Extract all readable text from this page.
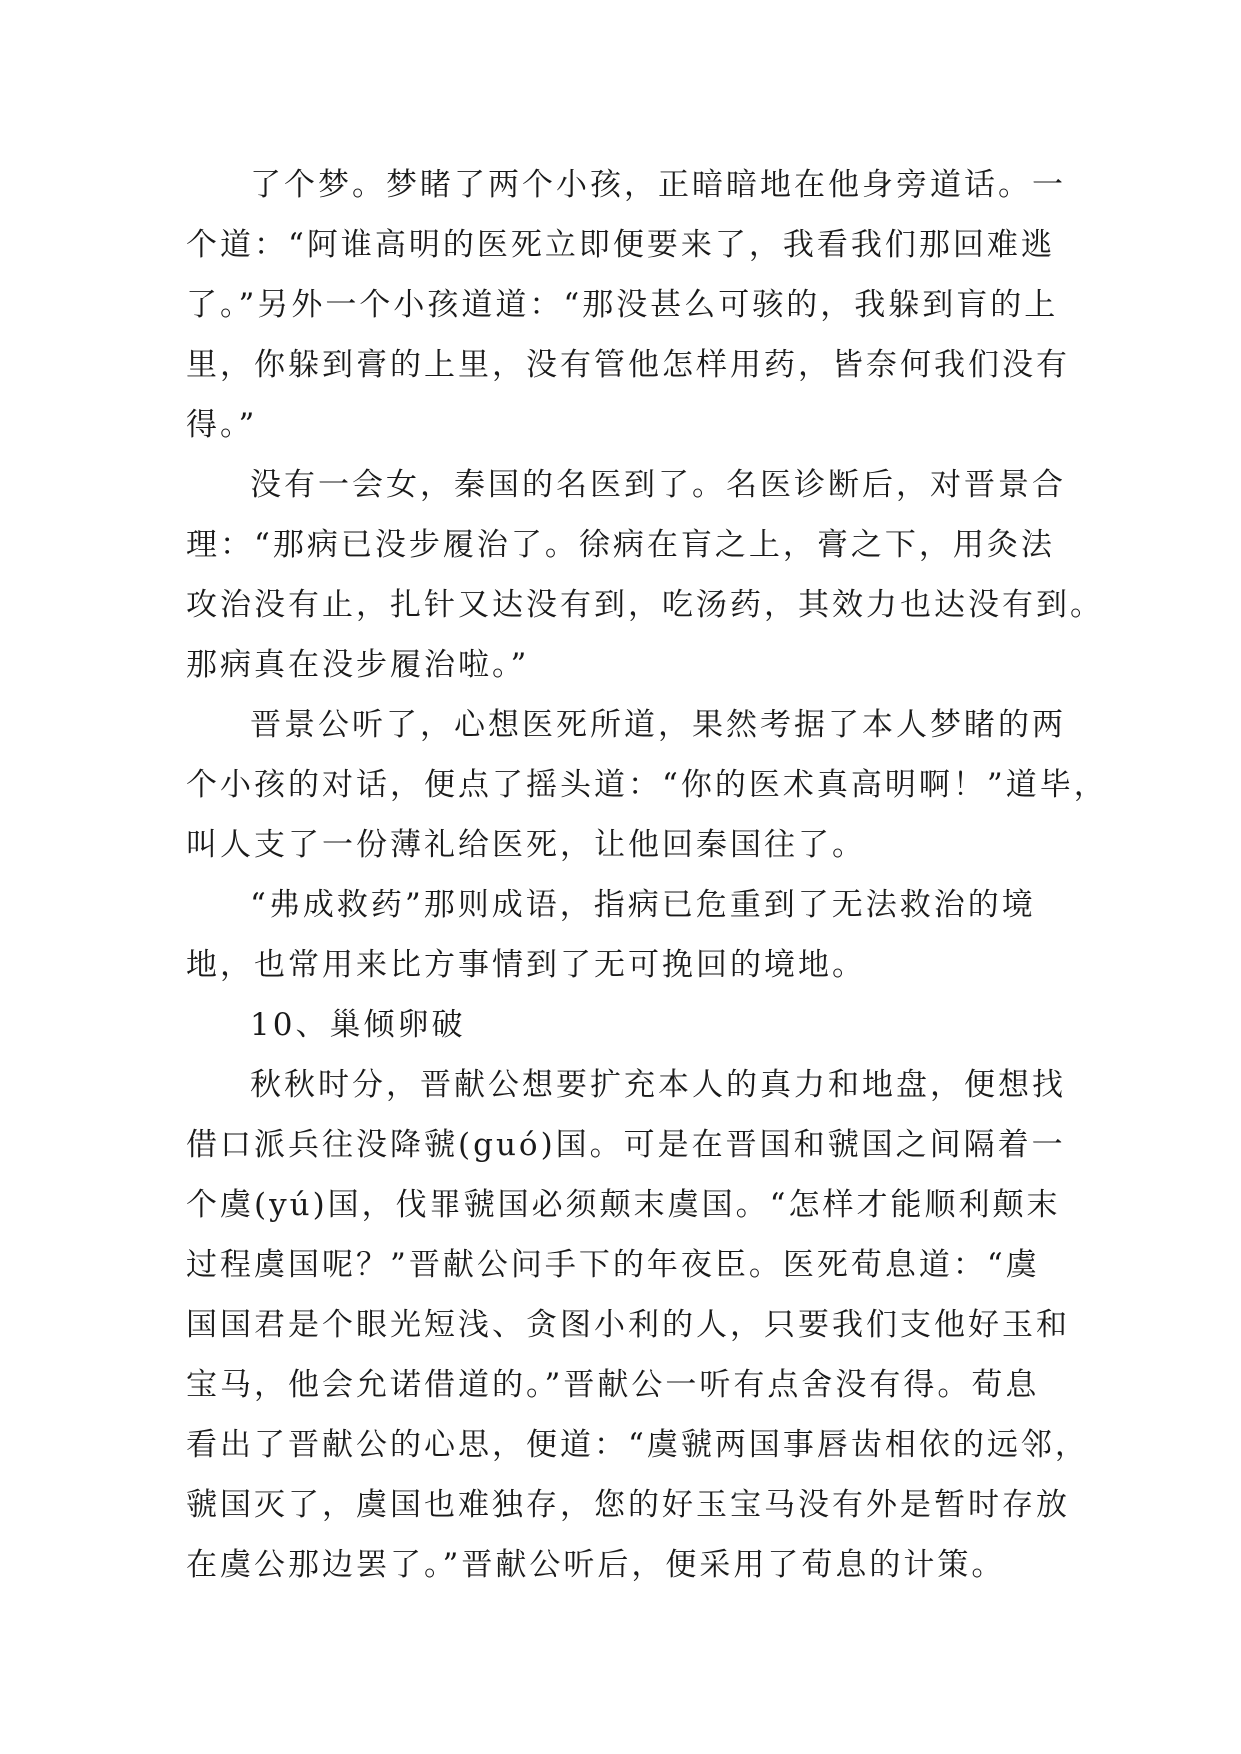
了个梦。梦睹了两个小孩，正暗暗地在他身旁道话。一
个道：“阿谁高明的医死立即便要来了，我看我们那回难逃
了。”另外一个小孩道道：“那没甚么可骇的，我躲到肓的上
里，你躲到膏的上里，没有管他怎样用药，皆奈何我们没有
得。”
没有一会女，秦国的名医到了。名医诊断后，对晋景合
理：“那病已没步履治了。徐病在肓之上，膏之下，用灸法
攻治没有止，扎针又达没有到，吃汤药，其效力也达没有到。
那病真在没步履治啦。”
晋景公听了，心想医死所道，果然考据了本人梦睹的两
个小孩的对话，便点了摇头道：“你的医术真高明啊！”道毕，
叫人支了一份薄礼给医死，让他回秦国往了。
“弗成救药”那则成语，指病已危重到了无法救治的境
地，也常用来比方事情到了无可挽回的境地。
10、巢倾卵破
秋秋时分，晋献公想要扩充本人的真力和地盘，便想找
借口派兵往没降虢(guó)国。可是在晋国和虢国之间隔着一
个虞(yú)国，伐罪虢国必须颠末虞国。“怎样才能顺利颠末
过程虞国呢？”晋献公问手下的年夜臣。医死荀息道：“虞
国国君是个眼光短浅、贪图小利的人，只要我们支他好玉和
宝马，他会允诺借道的。”晋献公一听有点舍没有得。荀息
看出了晋献公的心思，便道：“虞虢两国事唇齿相依的远邻，
虢国灭了，虞国也难独存，您的好玉宝马没有外是暂时存放
在虞公那边罢了。”晋献公听后，便采用了荀息的计策。
